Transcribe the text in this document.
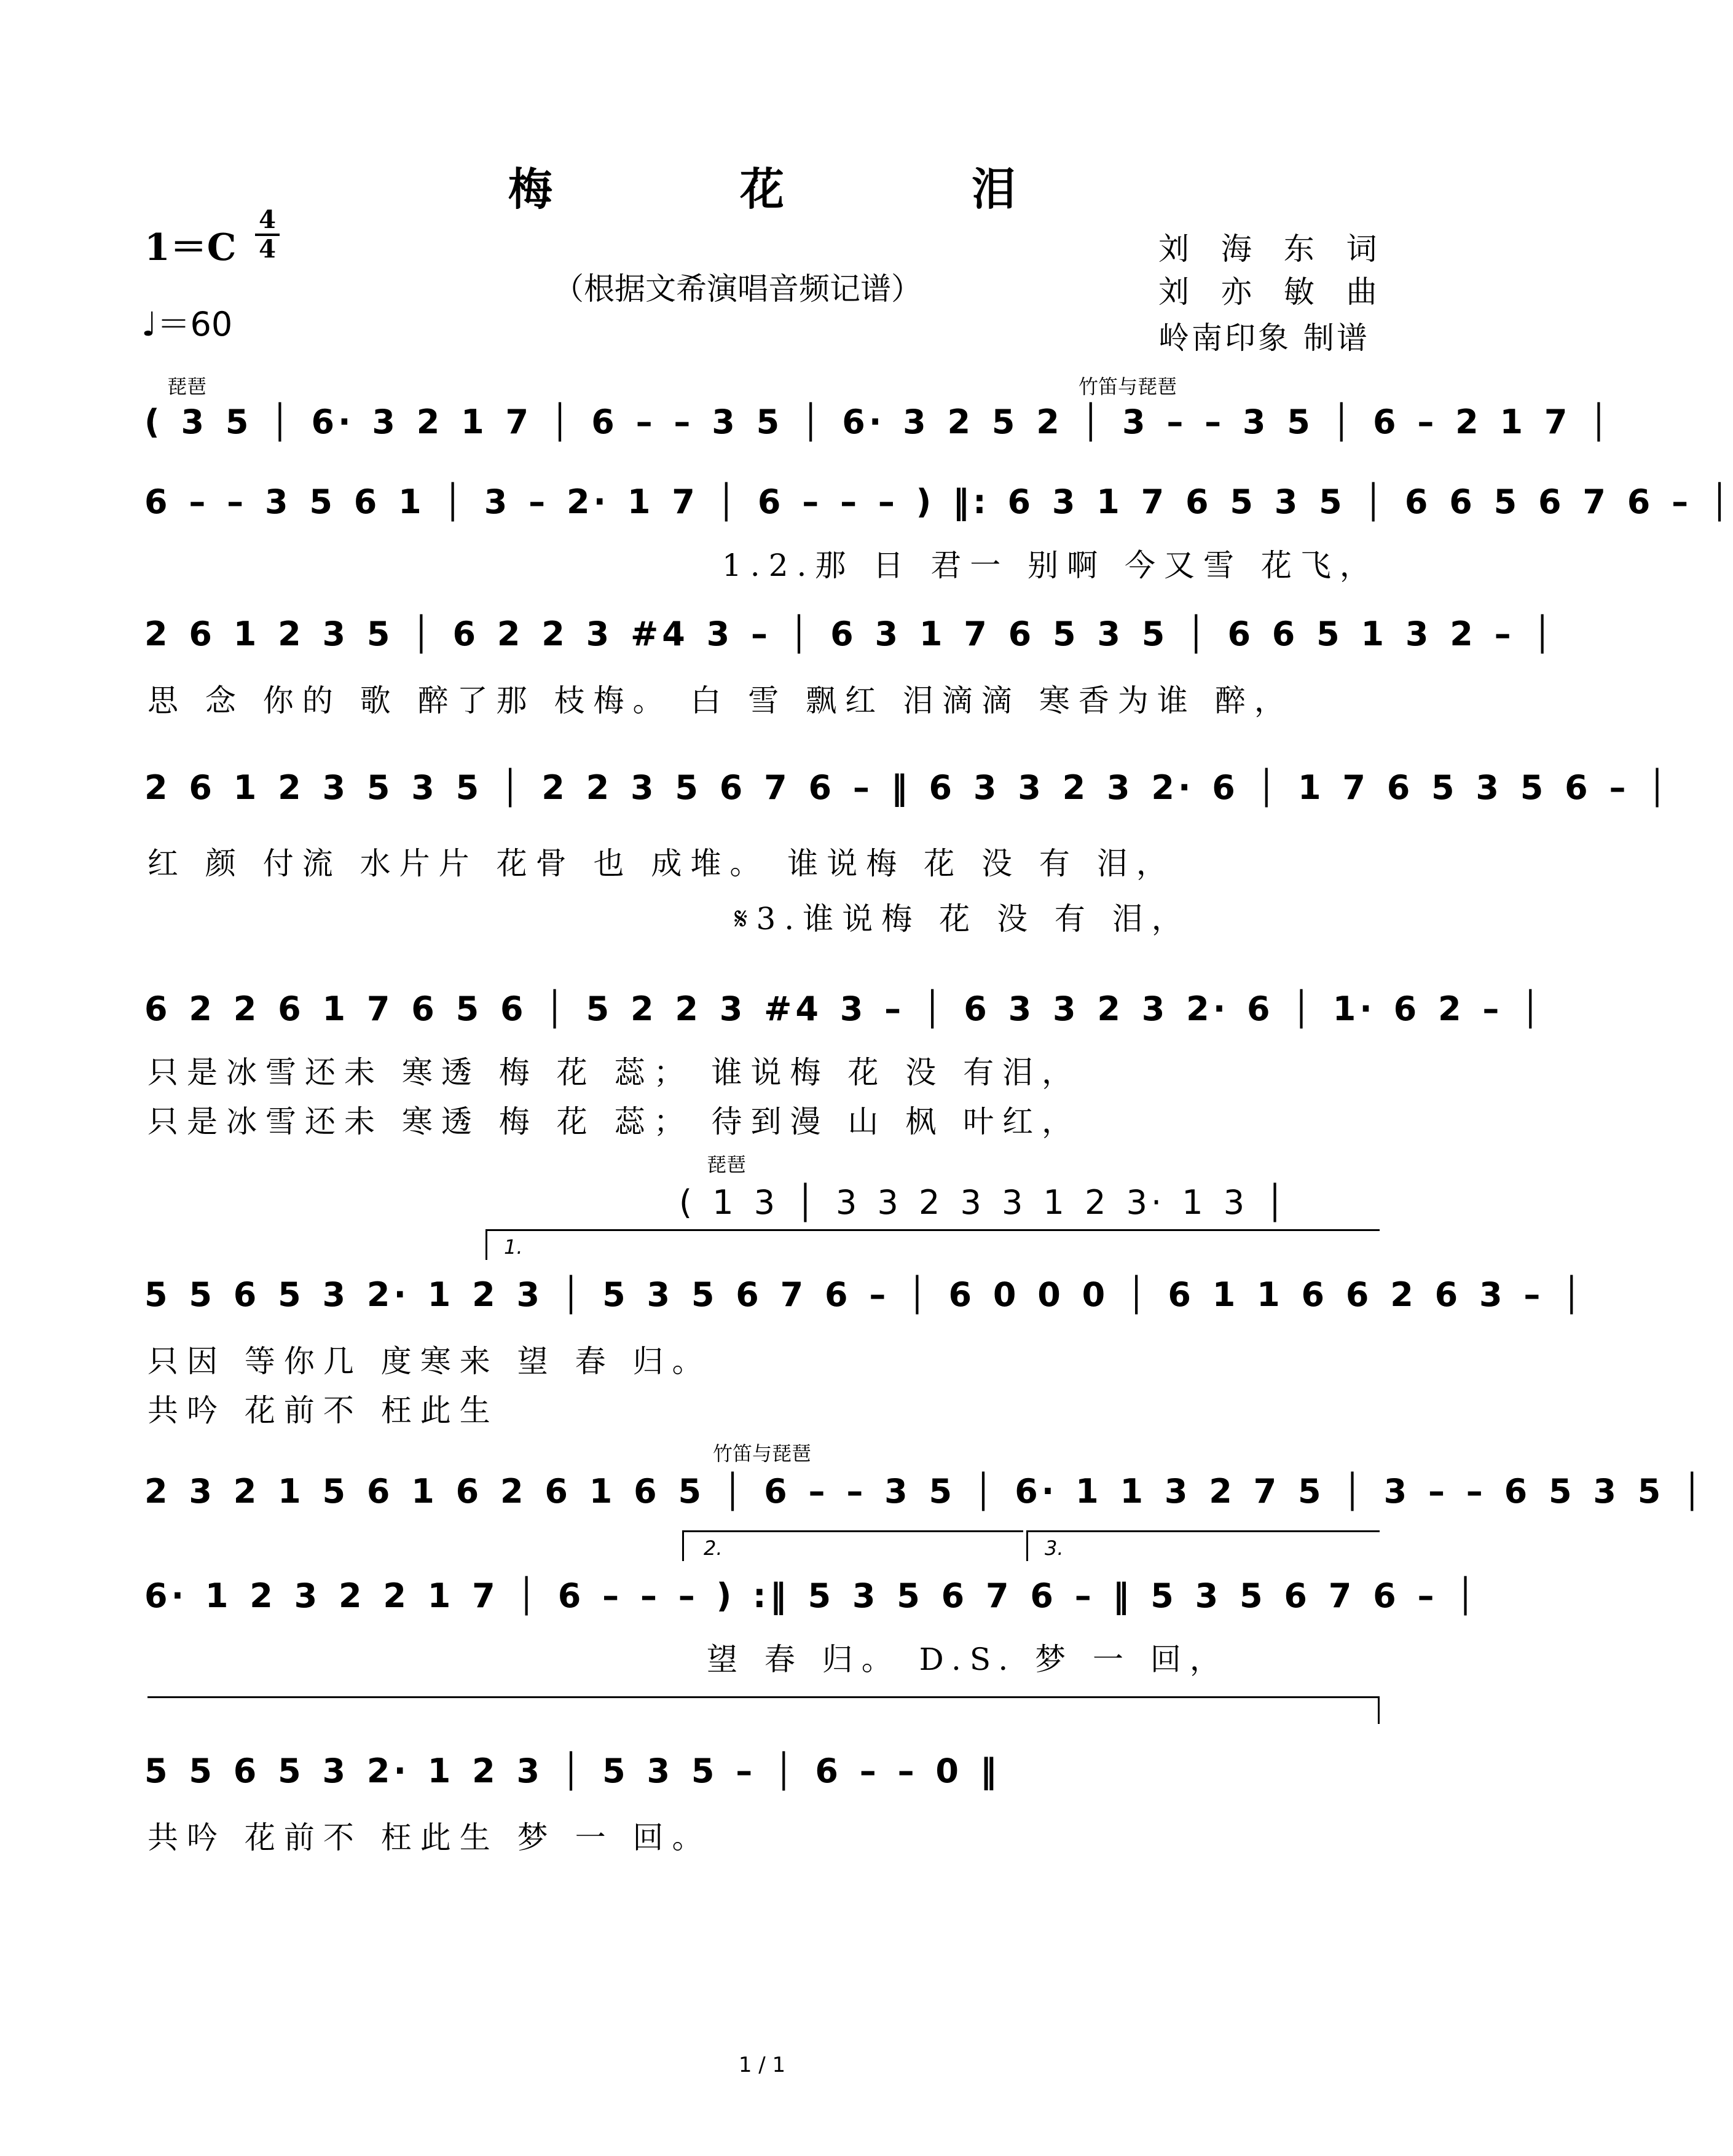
梅 花 泪
1＝C
4
4
♩＝60
（根据文希演唱音频记谱）
刘 海 东 词
刘 亦 敏 曲
岭南印象 制谱
琵琶	竹笛与琵琶
( 3 5 │ 6· 3 2 1 7 │ 6 – – 3 5 │ 6· 3 2 5 2 │ 3 – – 3 5 │ 6 – 2 1 7 │
6 – – 3 5 6 1 │ 3 – 2· 1 7 │ 6 – – – ) ‖: 6 3 1 7 6 5 3 5 │ 6 6 5 6 7 6 – │
1.2.那 日 君一 别啊 今又雪 花飞，
2 6 1 2 3 5 │ 6 2 2 3 #4 3 – │ 6 3 1 7 6 5 3 5 │ 6 6 5 1 3 2 – │
思 念 你的 歌 醉了那 枝梅。 白 雪 飘红 泪滴滴 寒香为谁 醉，
2 6 1 2 3 5 3 5 │ 2 2 3 5 6 7 6 – ‖ 6 3 3 2 3 2· 6 │ 1 7 6 5 3 5 6 – │
红 颜 付流 水片片 花骨 也 成堆。 谁说梅 花 没 有 泪，
𝄋3.谁说梅 花 没 有 泪，
6 2 2 6 1 7 6 5 6 │ 5 2 2 3 #4 3 – │ 6 3 3 2 3 2· 6 │ 1· 6 2 – │
只是冰雪还未 寒透 梅 花 蕊； 谁说梅 花 没 有泪，
只是冰雪还未 寒透 梅 花 蕊； 待到漫 山 枫 叶红，
琵琶
( 1 3 │ 3 3 2 3 3 1 2 3· 1 3 │
1.
5 5 6 5 3 2· 1 2 3 │ 5 3 5 6 7 6 – │ 6 0 0 0 │ 6 1 1 6 6 2 6 3 – │
只因 等你几 度寒来 望 春 归。
共吟 花前不 枉此生
竹笛与琵琶
2 3 2 1 5 6 1 6 2 6 1 6 5 │ 6 – – 3 5 │ 6· 1 1 3 2 7 5 │ 3 – – 6 5 3 5 │
2.	3.
6· 1 2 3 2 2 1 7 │ 6 – – – ) :‖ 5 3 5 6 7 6 – ‖ 5 3 5 6 7 6 – │
望 春 归。 D.S. 梦 一 回，
5 5 6 5 3 2· 1 2 3 │ 5 3 5 – │ 6 – – 0 ‖
共吟 花前不 枉此生 梦 一 回。
1 / 1
